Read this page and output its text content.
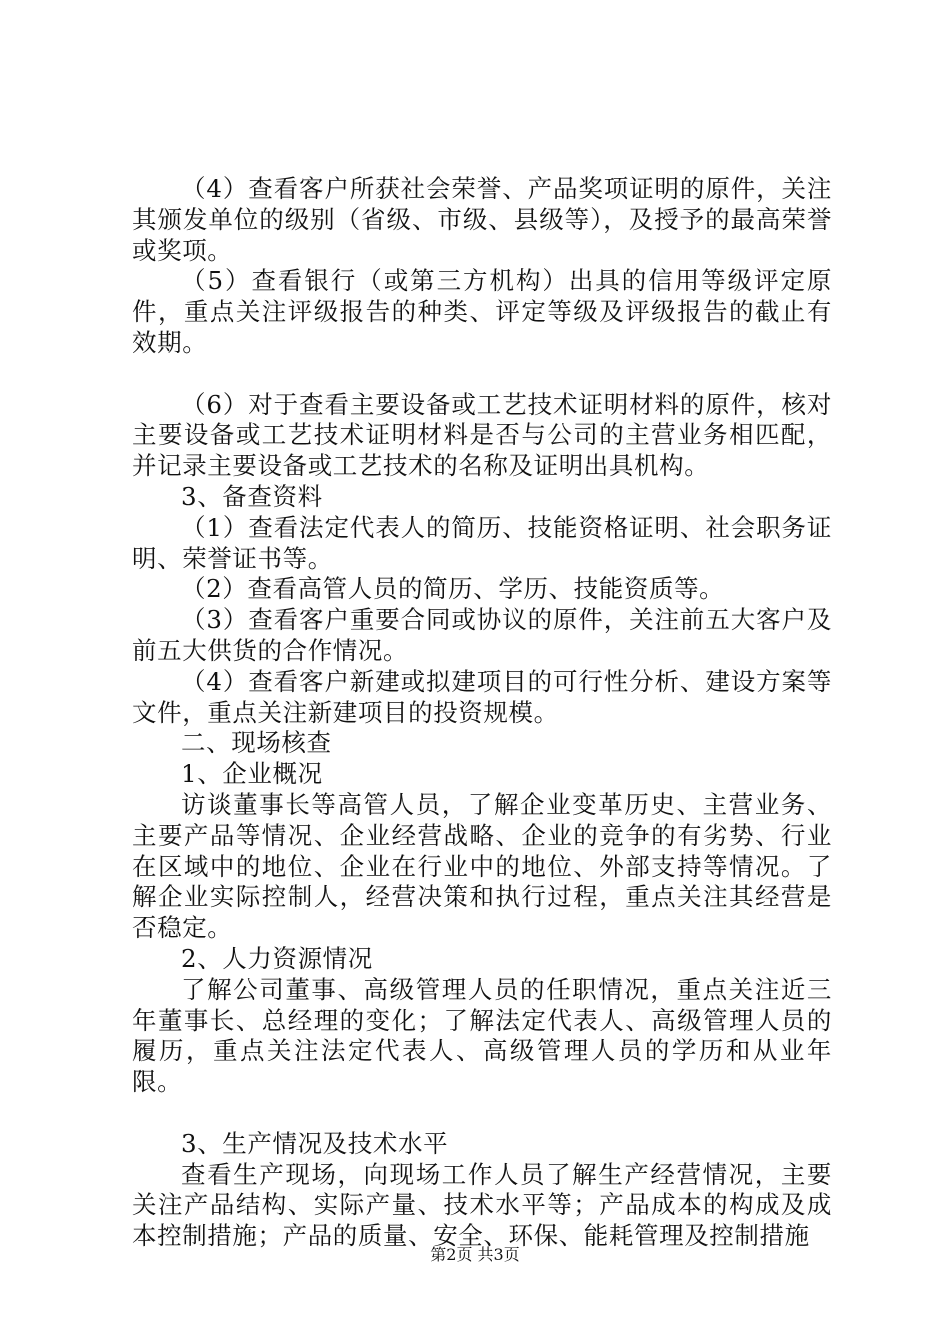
（4）查看客户所获社会荣誉、产品奖项证明的原件，关注其颁发单位的级别（省级、市级、县级等），及授予的最高荣誉或奖项。

（5）查看银行（或第三方机构）出具的信用等级评定原件，重点关注评级报告的种类、评定等级及评级报告的截止有效期。

（6）对于查看主要设备或工艺技术证明材料的原件，核对主要设备或工艺技术证明材料是否与公司的主营业务相匹配，并记录主要设备或工艺技术的名称及证明出具机构。

3、备查资料

（1）查看法定代表人的简历、技能资格证明、社会职务证明、荣誉证书等。

（2）查看高管人员的简历、学历、技能资质等。

（3）查看客户重要合同或协议的原件，关注前五大客户及前五大供货的合作情况。

（4）查看客户新建或拟建项目的可行性分析、建设方案等文件，重点关注新建项目的投资规模。

二、现场核查

1、企业概况

访谈董事长等高管人员，了解企业变革历史、主营业务、主要产品等情况、企业经营战略、企业的竞争的有劣势、行业在区域中的地位、企业在行业中的地位、外部支持等情况。了解企业实际控制人，经营决策和执行过程，重点关注其经营是否稳定。

2、人力资源情况

了解公司董事、高级管理人员的任职情况，重点关注近三年董事长、总经理的变化；了解法定代表人、高级管理人员的履历，重点关注法定代表人、高级管理人员的学历和从业年限。

3、生产情况及技术水平

查看生产现场，向现场工作人员了解生产经营情况，主要关注产品结构、实际产量、技术水平等；产品成本的构成及成本控制措施；产品的质量、安全、环保、能耗管理及控制措施

第2页 共3页
